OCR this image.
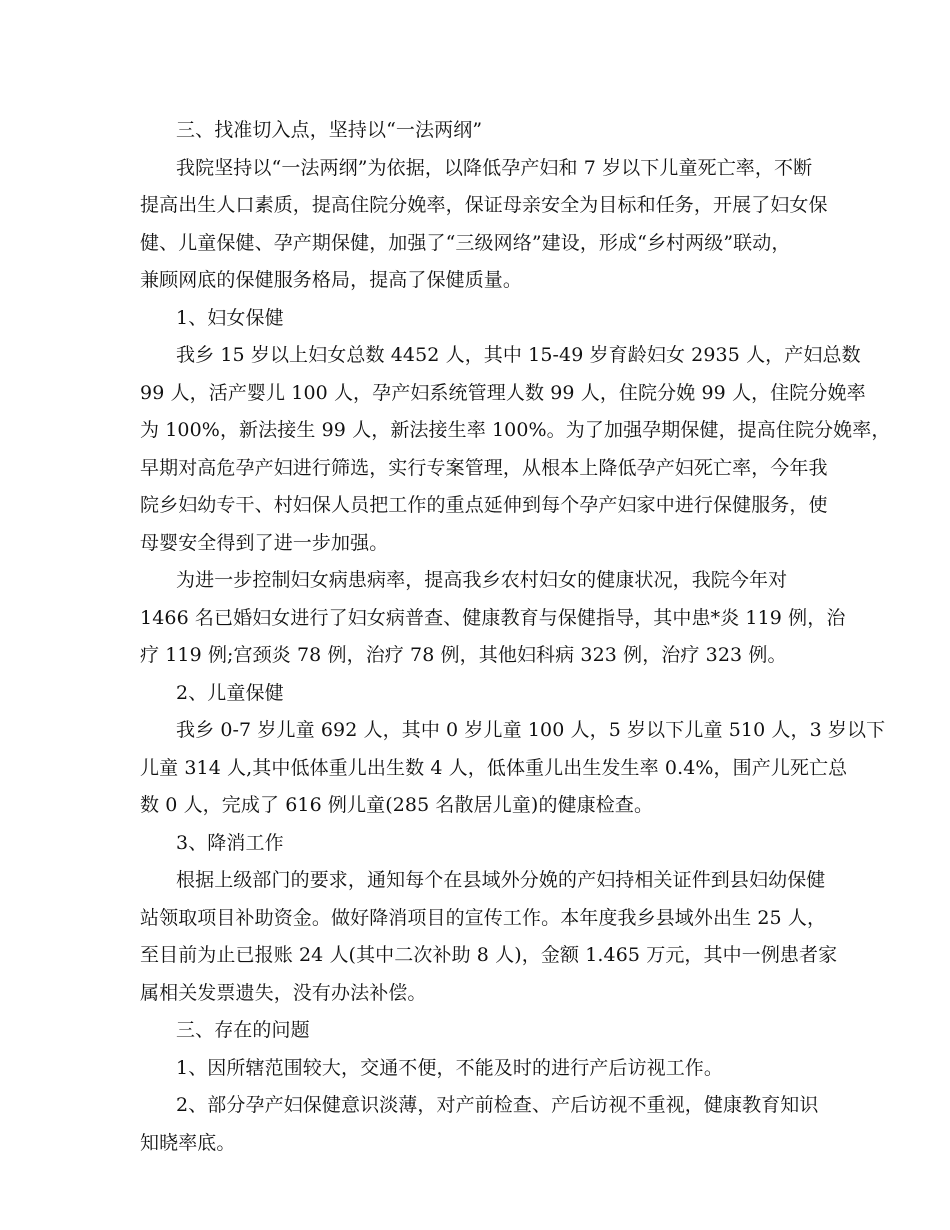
三、找准切入点，坚持以“一法两纲”
我院坚持以“一法两纲”为依据，以降低孕产妇和 7 岁以下儿童死亡率，不断
提高出生人口素质，提高住院分娩率，保证母亲安全为目标和任务，开展了妇女保
健、儿童保健、孕产期保健，加强了“三级网络”建设，形成“乡村两级”联动，
兼顾网底的保健服务格局，提高了保健质量。
1、妇女保健
我乡 15 岁以上妇女总数 4452 人，其中 15-49 岁育龄妇女 2935 人，产妇总数
99 人，活产婴儿 100 人，孕产妇系统管理人数 99 人，住院分娩 99 人，住院分娩率
为 100%，新法接生 99 人，新法接生率 100%。为了加强孕期保健，提高住院分娩率，
早期对高危孕产妇进行筛选，实行专案管理，从根本上降低孕产妇死亡率，今年我
院乡妇幼专干、村妇保人员把工作的重点延伸到每个孕产妇家中进行保健服务，使
母婴安全得到了进一步加强。
为进一步控制妇女病患病率，提高我乡农村妇女的健康状况，我院今年对
1466 名已婚妇女进行了妇女病普查、健康教育与保健指导，其中患*炎 119 例，治
疗 119 例;宫颈炎 78 例，治疗 78 例，其他妇科病 323 例，治疗 323 例。
2、儿童保健
我乡 0-7 岁儿童 692 人，其中 0 岁儿童 100 人，5 岁以下儿童 510 人，3 岁以下
儿童 314 人,其中低体重儿出生数 4 人，低体重儿出生发生率 0.4%，围产儿死亡总
数 0 人，完成了 616 例儿童(285 名散居儿童)的健康检查。
3、降消工作
根据上级部门的要求，通知每个在县域外分娩的产妇持相关证件到县妇幼保健
站领取项目补助资金。做好降消项目的宣传工作。本年度我乡县域外出生 25 人，
至目前为止已报账 24 人(其中二次补助 8 人)，金额 1.465 万元，其中一例患者家
属相关发票遗失，没有办法补偿。
三、存在的问题
1、因所辖范围较大，交通不便，不能及时的进行产后访视工作。
2、部分孕产妇保健意识淡薄，对产前检查、产后访视不重视，健康教育知识
知晓率底。
